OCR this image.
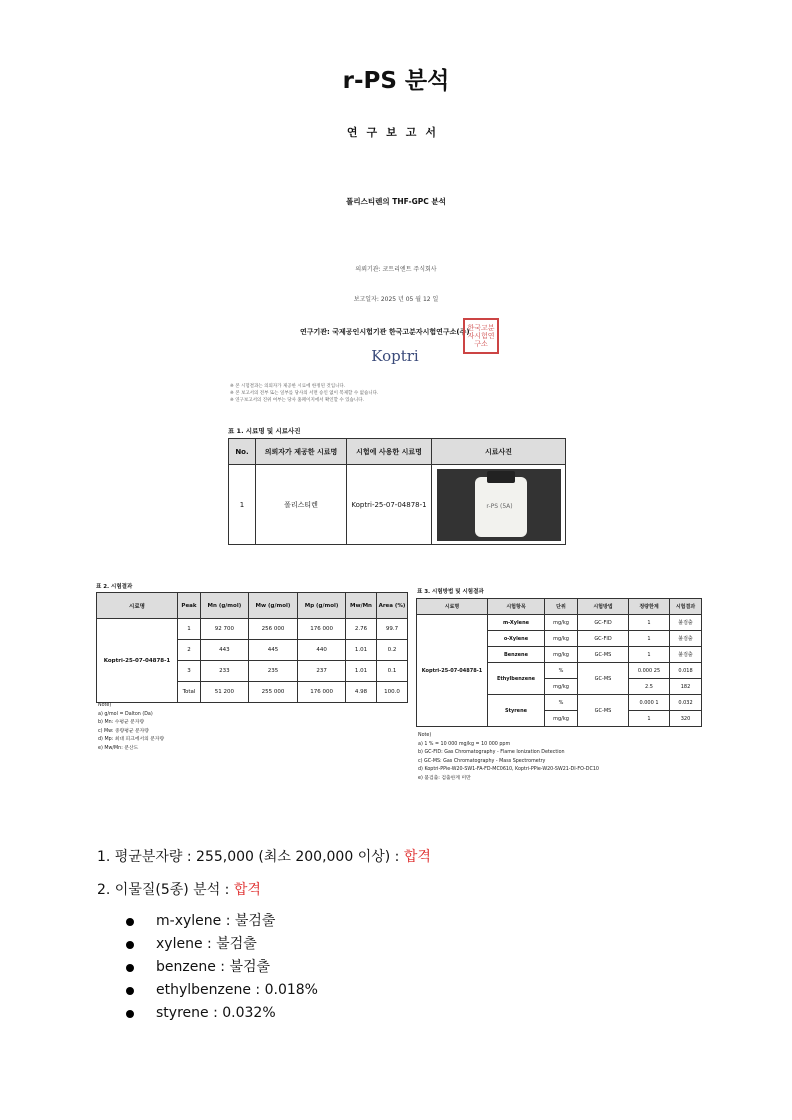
r-PS 분석
연구보고서
폴리스티렌의 THF-GPC 분석
의뢰기관: 코트리엔트 주식회사
보고일자: 2025 년 05 월 12 일
연구기관: 국제공인시험기관 한국고분자시험연구소(주)
한국고분자시험연구소
Koptri
※ 본 시험결과는 의뢰자가 제공한 시료에 한정된 것입니다.
※ 본 보고서의 전부 또는 일부를 당사의 서면 승인 없이 복제할 수 없습니다.
※ 연구보고서의 진위 여부는 당사 홈페이지에서 확인할 수 있습니다.
표 1. 시료명 및 시료사진
No.	의뢰자가 제공한 시료명	시험에 사용한 시료명	시료사진
1	폴리스티렌	Koptri-25-07-04878-1	r-PS (5A)
표 2. 시험결과
시료명	Peak	Mn (g/mol)	Mw (g/mol)	Mp (g/mol)	Mw/Mn	Area (%)
Koptri-25-07-04878-1	1	92 700	256 000	176 000	2.76	99.7
	2	443	445	440	1.01	0.2
	3	233	235	237	1.01	0.1
	Total	51 200	255 000	176 000	4.98	100.0
Note)
a) g/mol = Dalton (Da)
b) Mn: 수평균 분자량
c) Mw: 중량평균 분자량
d) Mp: 최대 피크에서의 분자량
e) Mw/Mn: 분산도
표 3. 시험방법 및 시험결과
시료명	시험항목	단위	시험방법	정량한계	시험결과
Koptri-25-07-04878-1	m-Xylene	mg/kg	GC-FID	1	불검출
	o-Xylene	mg/kg	GC-FID	1	불검출
	Benzene	mg/kg	GC-MS	1	불검출
	Ethylbenzene	%	GC-MS	0.000 25	0.018
		mg/kg		2.5	182
	Styrene	%	GC-MS	0.000 1	0.032
		mg/kg		1	320
Note)
a) 1 % = 10 000 mg/kg = 10 000 ppm
b) GC-FID: Gas Chromatography - Flame Ionization Detection
c) GC-MS: Gas Chromatography - Mass Spectrometry
d) Koptri-PPie-W20-SW1-FA-FD-MC0610, Koptri-PPie-W20-SW21-DI-FO-DC10
e) 불검출: 검출한계 미만
1. 평균분자량 : 255,000 (최소 200,000 이상) : 합격
2. 이물질(5종) 분석 : 합격
m-xylene : 불검출
xylene : 불검출
benzene : 불검출
ethylbenzene : 0.018%
styrene : 0.032%
